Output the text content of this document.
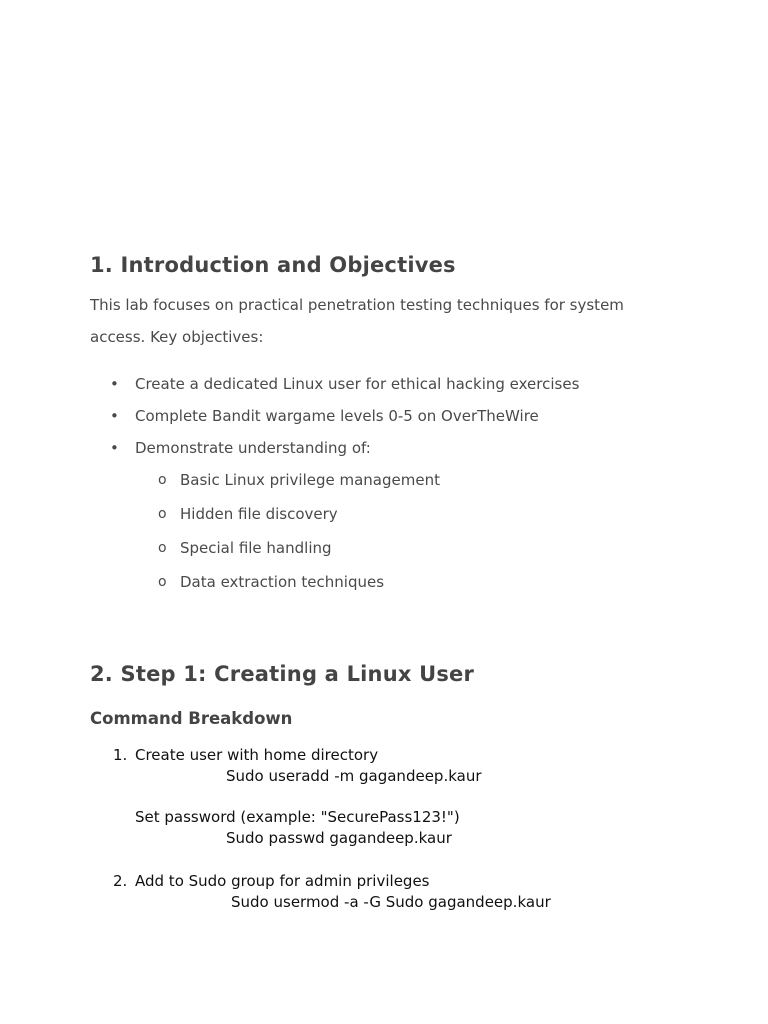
1. Introduction and Objectives
This lab focuses on practical penetration testing techniques for system access. Key objectives:
• Create a dedicated Linux user for ethical hacking exercises
• Complete Bandit wargame levels 0-5 on OverTheWire
• Demonstrate understanding of:
o Basic Linux privilege management
o Hidden file discovery
o Special file handling
o Data extraction techniques
2. Step 1: Creating a Linux User
Command Breakdown
1. Create user with home directory
Sudo useradd -m gagandeep.kaur
Set password (example: "SecurePass123!")
Sudo passwd gagandeep.kaur
2. Add to Sudo group for admin privileges
Sudo usermod -a -G Sudo gagandeep.kaur
